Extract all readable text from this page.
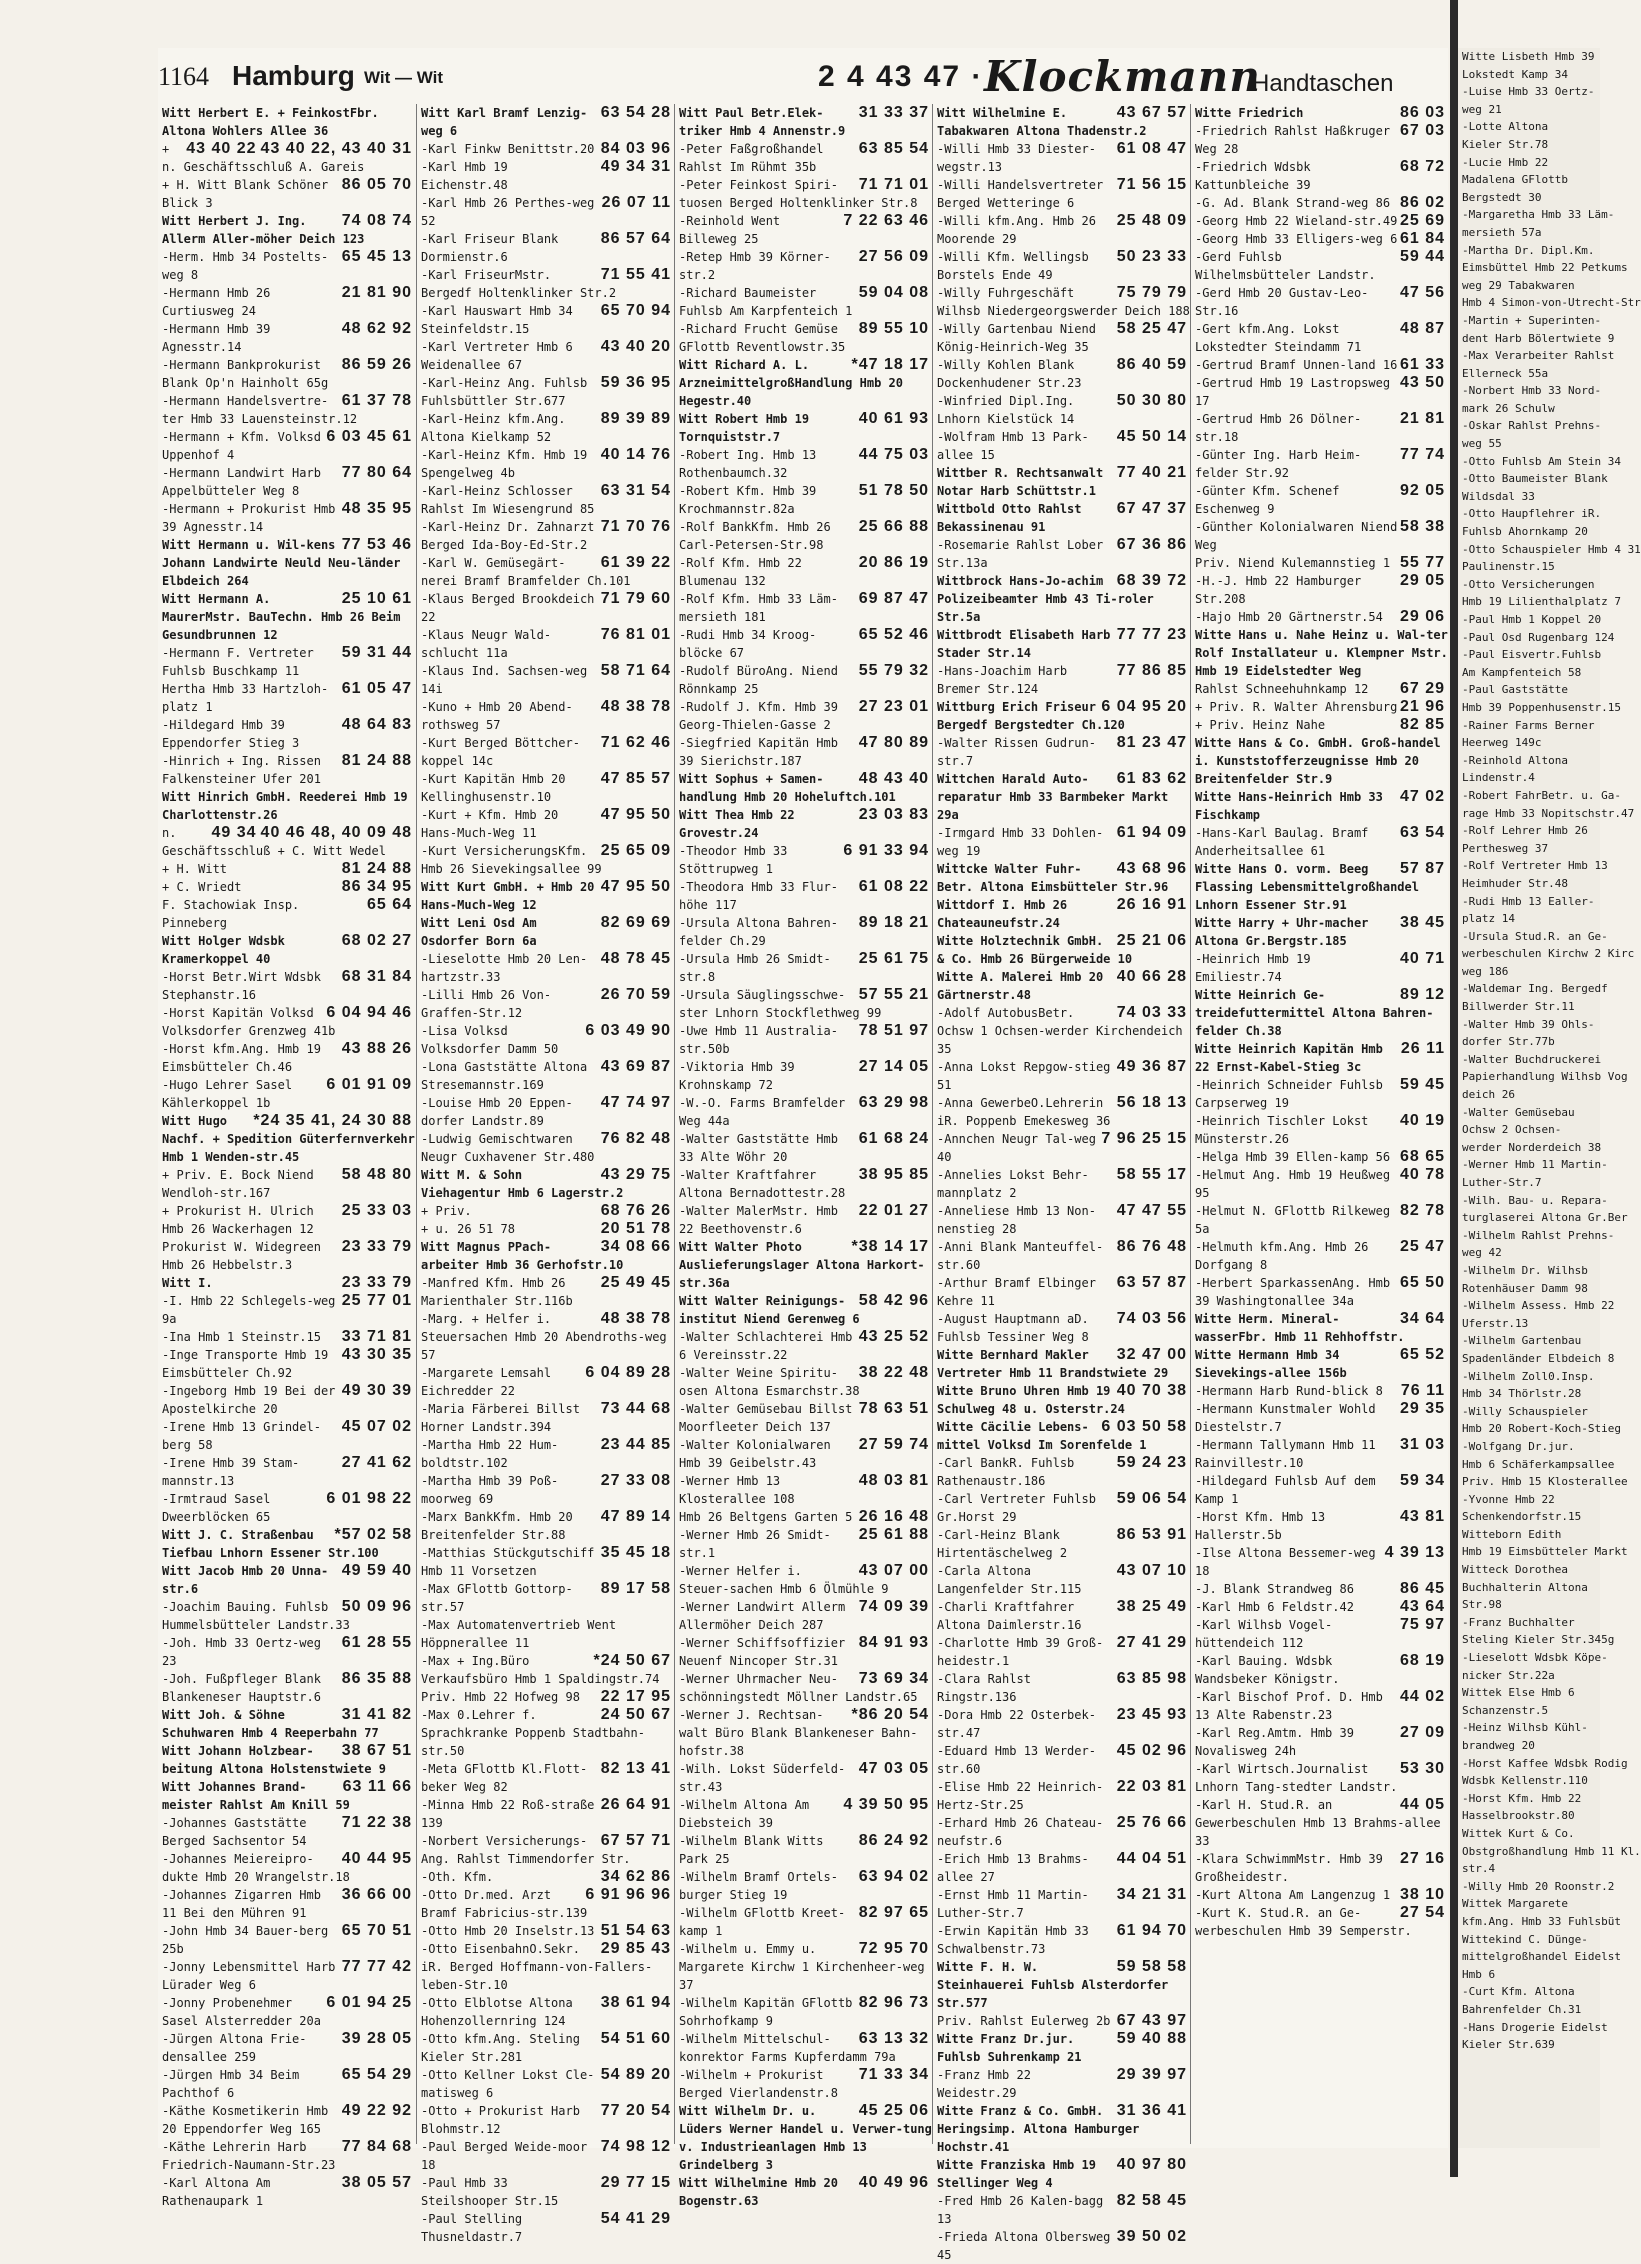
1164 Hamburg Wit — Wit	2 4 43 47 · Klockmann
Handtaschen
Witt Herbert E. + FeinkostFbr. Altona Wohlers Allee 36
43 40 22, 43 40 31
43 40 22
+ n. Geschäftsschluß A. Gareis
86 05 70
+ H. Witt Blank Schöner Blick 3
74 08 74
Witt Herbert J. Ing. Allerm Aller-möher Deich 123
65 45 13
-Herm. Hmb 34 Postelts-weg 8
21 81 90
-Hermann Hmb 26 Curtiusweg 24
48 62 92
-Hermann Hmb 39 Agnesstr.14
86 59 26
-Hermann Bankprokurist Blank Op'n Hainholt 65g
61 37 78
-Hermann Handelsvertre-ter Hmb 33 Lauensteinstr.12
6 03 45 61
-Hermann + Kfm. Volksd Uppenhof 4
77 80 64
-Hermann Landwirt Harb Appelbütteler Weg 8
48 35 95
-Hermann + Prokurist Hmb 39 Agnesstr.14
77 53 46
Witt Hermann u. Wil-kens Johann Landwirte Neuld Neu-länder Elbdeich 264
25 10 61
Witt Hermann A. MaurerMstr. BauTechn. Hmb 26 Beim Gesundbrunnen 12
59 31 44
-Hermann F. Vertreter Fuhlsb Buschkamp 11
61 05 47
Hertha Hmb 33 Hartzloh-platz 1
48 64 83
-Hildegard Hmb 39 Eppendorfer Stieg 3
81 24 88
-Hinrich + Ing. Rissen Falkensteiner Ufer 201
Witt Hinrich GmbH. Reederei Hmb 19 Charlottenstr.26
40 46 48, 40 09 48
49 34
n. Geschäftsschluß + C. Witt Wedel
81 24 88
+ H. Witt
86 34 95
+ C. Wriedt
65 64
F. Stachowiak Insp. Pinneberg
68 02 27
Witt Holger Wdsbk Kramerkoppel 40
68 31 84
-Horst Betr.Wirt Wdsbk Stephanstr.16
6 04 94 46
-Horst Kapitän Volksd Volksdorfer Grenzweg 41b
43 88 26
-Horst kfm.Ang. Hmb 19 Eimsbütteler Ch.46
6 01 91 09
-Hugo Lehrer Sasel Kählerkoppel 1b
*24 35 41, 24 30 88
Witt Hugo Nachf. + Spedition Güterfernverkehr Hmb 1 Wenden-str.45
58 48 80
+ Priv. E. Bock Niend Wendloh-str.167
25 33 03
+ Prokurist H. Ulrich Hmb 26 Wackerhagen 12
23 33 79
Prokurist W. Widegreen Hmb 26 Hebbelstr.3
23 33 79
Witt I.
25 77 01
-I. Hmb 22 Schlegels-weg 9a
33 71 81
-Ina Hmb 1 Steinstr.15
43 30 35
-Inge Transporte Hmb 19 Eimsbütteler Ch.92
49 30 39
-Ingeborg Hmb 19 Bei der Apostelkirche 20
45 07 02
-Irene Hmb 13 Grindel-berg 58
27 41 62
-Irene Hmb 39 Stam-mannstr.13
6 01 98 22
-Irmtraud Sasel Dweerblöcken 65
*57 02 58
Witt J. C. Straßenbau Tiefbau Lnhorn Essener Str.100
49 59 40
Witt Jacob Hmb 20 Unna-str.6
50 09 96
-Joachim Bauing. Fuhlsb Hummelsbütteler Landstr.33
61 28 55
-Joh. Hmb 33 Oertz-weg 23
86 35 88
-Joh. Fußpfleger Blank Blankeneser Hauptstr.6
31 41 82
Witt Joh. & Söhne Schuhwaren Hmb 4 Reeperbahn 77
38 67 51
Witt Johann Holzbear-beitung Altona Holstenstwiete 9
63 11 66
Witt Johannes Brand-meister Rahlst Am Knill 59
71 22 38
-Johannes Gaststätte Berged Sachsentor 54
40 44 95
-Johannes Meiereipro-dukte Hmb 20 Wrangelstr.18
36 66 00
-Johannes Zigarren Hmb 11 Bei den Mühren 91
65 70 51
-John Hmb 34 Bauer-berg 25b
77 77 42
-Jonny Lebensmittel Harb Lürader Weg 6
6 01 94 25
-Jonny Probenehmer Sasel Alsterredder 20a
39 28 05
-Jürgen Altona Frie-densallee 259
65 54 29
-Jürgen Hmb 34 Beim Pachthof 6
49 22 92
-Käthe Kosmetikerin Hmb 20 Eppendorfer Weg 165
77 84 68
-Käthe Lehrerin Harb Friedrich-Naumann-Str.23
38 05 57
-Karl Altona Am Rathenaupark 1
63 54 28
Witt Karl Bramf Lenzig-weg 6
84 03 96
-Karl Finkw Benittstr.20
49 34 31
-Karl Hmb 19 Eichenstr.48
26 07 11
-Karl Hmb 26 Perthes-weg 52
86 57 64
-Karl Friseur Blank Dormienstr.6
71 55 41
-Karl FriseurMstr. Bergedf Holtenklinker Str.2
65 70 94
-Karl Hauswart Hmb 34 Steinfeldstr.15
43 40 20
-Karl Vertreter Hmb 6 Weidenallee 67
59 36 95
-Karl-Heinz Ang. Fuhlsb Fuhlsbüttler Str.677
89 39 89
-Karl-Heinz kfm.Ang. Altona Kielkamp 52
40 14 76
-Karl-Heinz Kfm. Hmb 19 Spengelweg 4b
63 31 54
-Karl-Heinz Schlosser Rahlst Im Wiesengrund 85
71 70 76
-Karl-Heinz Dr. Zahnarzt Berged Ida-Boy-Ed-Str.2
61 39 22
-Karl W. Gemüsegärt-nerei Bramf Bramfelder Ch.101
71 79 60
-Klaus Berged Brookdeich 22
76 81 01
-Klaus Neugr Wald-schlucht 11a
58 71 64
-Klaus Ind. Sachsen-weg 14i
48 38 78
-Kuno + Hmb 20 Abend-rothsweg 57
71 62 46
-Kurt Berged Böttcher-koppel 14c
47 85 57
-Kurt Kapitän Hmb 20 Kellinghusenstr.10
47 95 50
-Kurt + Kfm. Hmb 20 Hans-Much-Weg 11
25 65 09
-Kurt VersicherungsKfm. Hmb 26 Sievekingsallee 99
47 95 50
Witt Kurt GmbH. + Hmb 20 Hans-Much-Weg 12
82 69 69
Witt Leni Osd Am Osdorfer Born 6a
48 78 45
-Lieselotte Hmb 20 Len-hartzstr.33
26 70 59
-Lilli Hmb 26 Von-Graffen-Str.12
6 03 49 90
-Lisa Volksd Volksdorfer Damm 50
43 69 87
-Lona Gaststätte Altona Stresemannstr.169
47 74 97
-Louise Hmb 20 Eppen-dorfer Landstr.89
76 82 48
-Ludwig Gemischtwaren Neugr Cuxhavener Str.480
43 29 75
Witt M. & Sohn Viehagentur Hmb 6 Lagerstr.2
68 76 26
+ Priv.
20 51 78
+ u. 26 51 78
34 08 66
Witt Magnus PPach-arbeiter Hmb 36 Gerhofstr.10
25 49 45
-Manfred Kfm. Hmb 26 Marienthaler Str.116b
48 38 78
-Marg. + Helfer i. Steuersachen Hmb 20 Abendroths-weg 57
6 04 89 28
-Margarete Lemsahl Eichredder 22
73 44 68
-Maria Färberei Billst Horner Landstr.394
23 44 85
-Martha Hmb 22 Hum-boldtstr.102
27 33 08
-Martha Hmb 39 Poß-moorweg 69
47 89 14
-Marx BankKfm. Hmb 20 Breitenfelder Str.88
35 45 18
-Matthias Stückgutschiff Hmb 11 Vorsetzen
89 17 58
-Max GFlottb Gottorp-str.57
-Max Automatenvertrieb Went Höppnerallee 11
*24 50 67
-Max + Ing.Büro Verkaufsbüro Hmb 1 Spaldingstr.74
22 17 95
Priv. Hmb 22 Hofweg 98
24 50 67
-Max 0.Lehrer f. Sprachkranke Poppenb Stadtbahn-str.50
82 13 41
-Meta GFlottb Kl.Flott-beker Weg 82
26 64 91
-Minna Hmb 22 Roß-straße 139
67 57 71
-Norbert Versicherungs-Ang. Rahlst Timmendorfer Str.
34 62 86
-Oth. Kfm.
6 91 96 96
-Otto Dr.med. Arzt Bramf Fabricius-str.139
51 54 63
-Otto Hmb 20 Inselstr.13
29 85 43
-Otto EisenbahnO.Sekr. iR. Berged Hoffmann-von-Fallers-leben-Str.10
38 61 94
-Otto Elblotse Altona Hohenzollernring 124
54 51 60
-Otto kfm.Ang. Steling Kieler Str.281
54 89 20
-Otto Kellner Lokst Cle-matisweg 6
77 20 54
-Otto + Prokurist Harb Blohmstr.12
74 98 12
-Paul Berged Weide-moor 18
29 77 15
-Paul Hmb 33 Steilshooper Str.15
54 41 29
-Paul Stelling Thusneldastr.7
31 33 37
Witt Paul Betr.Elek-triker Hmb 4 Annenstr.9
63 85 54
-Peter Faßgroßhandel Rahlst Im Rühmt 35b
71 71 01
-Peter Feinkost Spiri-tuosen Berged Holtenklinker Str.8
7 22 63 46
-Reinhold Went Billeweg 25
27 56 09
-Retep Hmb 39 Körner-str.2
59 04 08
-Richard Baumeister Fuhlsb Am Karpfenteich 1
89 55 10
-Richard Frucht Gemüse GFlottb Reventlowstr.35
*47 18 17
Witt Richard A. L. ArzneimittelgroßHandlung Hmb 20 Hegestr.40
40 61 93
Witt Robert Hmb 19 Tornquiststr.7
44 75 03
-Robert Ing. Hmb 13 Rothenbaumch.32
51 78 50
-Robert Kfm. Hmb 39 Krochmannstr.82a
25 66 88
-Rolf BankKfm. Hmb 26 Carl-Petersen-Str.98
20 86 19
-Rolf Kfm. Hmb 22 Blumenau 132
69 87 47
-Rolf Kfm. Hmb 33 Läm-mersieth 181
65 52 46
-Rudi Hmb 34 Kroog-blöcke 67
55 79 32
-Rudolf BüroAng. Niend Rönnkamp 25
27 23 01
-Rudolf J. Kfm. Hmb 39 Georg-Thielen-Gasse 2
47 80 89
-Siegfried Kapitän Hmb 39 Sierichstr.187
48 43 40
Witt Sophus + Samen-handlung Hmb 20 Hoheluftch.101
23 03 83
Witt Thea Hmb 22 Grovestr.24
6 91 33 94
-Theodor Hmb 33 Stöttrupweg 1
61 08 22
-Theodora Hmb 33 Flur-höhe 117
89 18 21
-Ursula Altona Bahren-felder Ch.29
25 61 75
-Ursula Hmb 26 Smidt-str.8
57 55 21
-Ursula Säuglingsschwe-ster Lnhorn Stockflethweg 99
78 51 97
-Uwe Hmb 11 Australia-str.50b
27 14 05
-Viktoria Hmb 39 Krohnskamp 72
63 29 98
-W.-O. Farms Bramfelder Weg 44a
61 68 24
-Walter Gaststätte Hmb 33 Alte Wöhr 20
38 95 85
-Walter Kraftfahrer Altona Bernadottestr.28
22 01 27
-Walter MalerMstr. Hmb 22 Beethovenstr.6
*38 14 17
Witt Walter Photo Auslieferungslager Altona Harkort-str.36a
58 42 96
Witt Walter Reinigungs-institut Niend Gerenweg 6
43 25 52
-Walter Schlachterei Hmb 6 Vereinsstr.22
38 22 48
-Walter Weine Spiritu-osen Altona Esmarchstr.38
78 63 51
-Walter Gemüsebau Billst Moorfleeter Deich 137
27 59 74
-Walter Kolonialwaren Hmb 39 Geibelstr.43
48 03 81
-Werner Hmb 13 Klosterallee 108
26 16 48
Hmb 26 Beltgens Garten 5
25 61 88
-Werner Hmb 26 Smidt-str.1
43 07 00
-Werner Helfer i. Steuer-sachen Hmb 6 Ölmühle 9
74 09 39
-Werner Landwirt Allerm Allermöher Deich 287
84 91 93
-Werner Schiffsoffizier Neuenf Nincoper Str.31
73 69 34
-Werner Uhrmacher Neu-schönningstedt Möllner Landstr.65
*86 20 54
-Werner J. Rechtsan-walt Büro Blank Blankeneser Bahn-hofstr.38
47 03 05
-Wilh. Lokst Süderfeld-str.43
4 39 50 95
-Wilhelm Altona Am Diebsteich 39
86 24 92
-Wilhelm Blank Witts Park 25
63 94 02
-Wilhelm Bramf Ortels-burger Stieg 19
82 97 65
-Wilhelm GFlottb Kreet-kamp 1
72 95 70
-Wilhelm u. Emmy u. Margarete Kirchw 1 Kirchenheer-weg 37
82 96 73
-Wilhelm Kapitän GFlottb Sohrhofkamp 9
63 13 32
-Wilhelm Mittelschul-konrektor Farms Kupferdamm 79a
71 33 34
-Wilhelm + Prokurist Berged Vierlandenstr.8
45 25 06
Witt Wilhelm Dr. u. Lüders Werner Handel u. Verwer-tung v. Industrieanlagen Hmb 13 Grindelberg 3
40 49 96
Witt Wilhelmine Hmb 20 Bogenstr.63
43 67 57
Witt Wilhelmine E. Tabakwaren Altona Thadenstr.2
61 08 47
-Willi Hmb 33 Diester-wegstr.13
71 56 15
-Willi Handelsvertreter Berged Wetteringe 6
25 48 09
-Willi kfm.Ang. Hmb 26 Moorende 29
50 23 33
-Willi Kfm. Wellingsb Borstels Ende 49
75 79 79
-Willy Fuhrgeschäft Wilhsb Niedergeorgswerder Deich 188
58 25 47
-Willy Gartenbau Niend König-Heinrich-Weg 35
86 40 59
-Willy Kohlen Blank Dockenhudener Str.23
50 30 80
-Winfried Dipl.Ing. Lnhorn Kielstück 14
45 50 14
-Wolfram Hmb 13 Park-allee 15
77 40 21
Wittber R. Rechtsanwalt Notar Harb Schüttstr.1
67 47 37
Wittbold Otto Rahlst Bekassinenau 91
67 36 86
-Rosemarie Rahlst Lober Str.13a
68 39 72
Wittbrock Hans-Jo-achim Polizeibeamter Hmb 43 Ti-roler Str.5a
77 77 23
Wittbrodt Elisabeth Harb Stader Str.14
77 86 85
-Hans-Joachim Harb Bremer Str.124
6 04 95 20
Wittburg Erich Friseur Bergedf Bergstedter Ch.120
81 23 47
-Walter Rissen Gudrun-str.7
61 83 62
Wittchen Harald Auto-reparatur Hmb 33 Barmbeker Markt 29a
61 94 09
-Irmgard Hmb 33 Dohlen-weg 19
43 68 96
Wittcke Walter Fuhr-Betr. Altona Eimsbütteler Str.96
26 16 91
Wittdorf I. Hmb 26 Chateauneufstr.24
25 21 06
Witte Holztechnik GmbH. & Co. Hmb 26 Bürgerweide 10
40 66 28
Witte A. Malerei Hmb 20 Gärtnerstr.48
74 03 33
-Adolf AutobusBetr. Ochsw 1 Ochsen-werder Kirchendeich 35
49 36 87
-Anna Lokst Repgow-stieg 51
56 18 13
-Anna GewerbeO.Lehrerin iR. Poppenb Emekesweg 36
7 96 25 15
-Annchen Neugr Tal-weg 40
58 55 17
-Annelies Lokst Behr-mannplatz 2
47 47 55
-Anneliese Hmb 13 Non-nenstieg 28
86 76 48
-Anni Blank Manteuffel-str.60
63 57 87
-Arthur Bramf Elbinger Kehre 11
74 03 56
-August Hauptmann aD. Fuhlsb Tessiner Weg 8
32 47 00
Witte Bernhard Makler Vertreter Hmb 11 Brandstwiete 29
40 70 38
Witte Bruno Uhren Hmb 19 Schulweg 48 u. Osterstr.24
6 03 50 58
Witte Cäcilie Lebens-mittel Volksd Im Sorenfelde 1
59 24 23
-Carl BankR. Fuhlsb Rathenaustr.186
59 06 54
-Carl Vertreter Fuhlsb Gr.Horst 29
86 53 91
-Carl-Heinz Blank Hirtentäschelweg 2
43 07 10
-Carla Altona Langenfelder Str.115
38 25 49
-Charli Kraftfahrer Altona Daimlerstr.16
27 41 29
-Charlotte Hmb 39 Groß-heidestr.1
63 85 98
-Clara Rahlst Ringstr.136
23 45 93
-Dora Hmb 22 Osterbek-str.47
45 02 96
-Eduard Hmb 13 Werder-str.60
22 03 81
-Elise Hmb 22 Heinrich-Hertz-Str.25
25 76 66
-Erhard Hmb 26 Chateau-neufstr.6
44 04 51
-Erich Hmb 13 Brahms-allee 27
34 21 31
-Ernst Hmb 11 Martin-Luther-Str.7
61 94 70
-Erwin Kapitän Hmb 33 Schwalbenstr.73
59 58 58
Witte F. H. W. Steinhauerei Fuhlsb Alsterdorfer Str.577
67 43 97
Priv. Rahlst Eulerweg 2b
59 40 88
Witte Franz Dr.jur. Fuhlsb Suhrenkamp 21
29 39 97
-Franz Hmb 22 Weidestr.29
31 36 41
Witte Franz & Co. GmbH. Heringsimp. Altona Hamburger Hochstr.41
40 97 80
Witte Franziska Hmb 19 Stellinger Weg 4
82 58 45
-Fred Hmb 26 Kalen-bagg 13
39 50 02
-Frieda Altona Olbersweg 45
86 03
Witte Friedrich
67 03
-Friedrich Rahlst Haßkruger Weg 28
68 72
-Friedrich Wdsbk Kattunbleiche 39
86 02
-G. Ad. Blank Strand-weg 86
25 69
-Georg Hmb 22 Wieland-str.49
61 84
-Georg Hmb 33 Elligers-weg 6
59 44
-Gerd Fuhlsb Wilhelmsbütteler Landstr.
47 56
-Gerd Hmb 20 Gustav-Leo-Str.16
48 87
-Gert kfm.Ang. Lokst Lokstedter Steindamm 71
61 33
-Gertrud Bramf Unnen-land 16
43 50
-Gertrud Hmb 19 Lastropsweg 17
21 81
-Gertrud Hmb 26 Dölner-str.18
77 74
-Günter Ing. Harb Heim-felder Str.92
92 05
-Günter Kfm. Schenef Eschenweg 9
58 38
-Günther Kolonialwaren Niend Weg
55 77
Priv. Niend Kulemannstieg 1
29 05
-H.-J. Hmb 22 Hamburger Str.208
29 06
-Hajo Hmb 20 Gärtnerstr.54
Witte Hans u. Nahe Heinz u. Wal-ter Rolf Installateur u. Klempner Mstr. Hmb 19 Eidelstedter Weg
67 29
Rahlst Schneehuhnkamp 12
21 96
+ Priv. R. Walter Ahrensburg
82 85
+ Priv. Heinz Nahe
Witte Hans & Co. GmbH. Groß-handel i. Kunststofferzeugnisse Hmb 20 Breitenfelder Str.9
47 02
Witte Hans-Heinrich Hmb 33 Fischkamp
63 54
-Hans-Karl Baulag. Bramf Anderheitsallee 61
57 87
Witte Hans O. vorm. Beeg Flassing Lebensmittelgroßhandel Lnhorn Essener Str.91
38 45
Witte Harry + Uhr-macher Altona Gr.Bergstr.185
40 71
-Heinrich Hmb 19 Emiliestr.74
89 12
Witte Heinrich Ge-treidefuttermittel Altona Bahren-felder Ch.38
26 11
Witte Heinrich Kapitän Hmb 22 Ernst-Kabel-Stieg 3c
59 45
-Heinrich Schneider Fuhlsb Carpserweg 19
40 19
-Heinrich Tischler Lokst Münsterstr.26
68 65
-Helga Hmb 39 Ellen-kamp 56
40 78
-Helmut Ang. Hmb 19 Heußweg 95
82 78
-Helmut N. GFlottb Rilkeweg 5a
25 47
-Helmuth kfm.Ang. Hmb 26 Dorfgang 8
65 50
-Herbert SparkassenAng. Hmb 39 Washingtonallee 34a
34 64
Witte Herm. Mineral-wasserFbr. Hmb 11 Rehhoffstr.
65 52
Witte Hermann Hmb 34 Sievekings-allee 156b
76 11
-Hermann Harb Rund-blick 8
29 35
-Hermann Kunstmaler Wohld Diestelstr.7
31 03
-Hermann Tallymann Hmb 11 Rainvillestr.10
59 34
-Hildegard Fuhlsb Auf dem Kamp 1
43 81
-Horst Kfm. Hmb 13 Hallerstr.5b
4 39 13
-Ilse Altona Bessemer-weg 18
86 45
-J. Blank Strandweg 86
43 64
-Karl Hmb 6 Feldstr.42
75 97
-Karl Wilhsb Vogel-hüttendeich 112
68 19
-Karl Bauing. Wdsbk Wandsbeker Königstr.
44 02
-Karl Bischof Prof. D. Hmb 13 Alte Rabenstr.23
27 09
-Karl Reg.Amtm. Hmb 39 Novalisweg 24h
53 30
-Karl Wirtsch.Journalist Lnhorn Tang-stedter Landstr.
44 05
-Karl H. Stud.R. an Gewerbeschulen Hmb 13 Brahms-allee 33
27 16
-Klara SchwimmMstr. Hmb 39 Großheidestr.
38 10
-Kurt Altona Am Langenzug 1
27 54
-Kurt K. Stud.R. an Ge-werbeschulen Hmb 39 Semperstr.
Witte Lisbeth Hmb 39
Lokstedt Kamp 34
-Luise Hmb 33 Oertz-
weg 21
-Lotte Altona
Kieler Str.78
-Lucie Hmb 22
Madalena GFlottb
Bergstedt 30
-Margaretha Hmb 33 Läm-
mersieth 57a
-Martha Dr. Dipl.Km.
Eimsbüttel Hmb 22 Petkums
weg 29 Tabakwaren
Hmb 4 Simon-von-Utrecht-Str
-Martin + Superinten-
dent Harb Bölertwiete 9
-Max Verarbeiter Rahlst
Ellerneck 55a
-Norbert Hmb 33 Nord-
mark 26 Schulw
-Oskar Rahlst Prehns-
weg 55
-Otto Fuhlsb Am Stein 34
-Otto Baumeister Blank
Wildsdal 33
-Otto Haupflehrer iR.
Fuhlsb Ahornkamp 20
-Otto Schauspieler Hmb 4 31
Paulinenstr.15
-Otto Versicherungen
Hmb 19 Lilienthalplatz 7
-Paul Hmb 1 Koppel 20
-Paul Osd Rugenbarg 124
-Paul Eisvertr.Fuhlsb
Am Kampfenteich 58
-Paul Gaststätte
Hmb 39 Poppenhusenstr.15
-Rainer Farms Berner
Heerweg 149c
-Reinhold Altona
Lindenstr.4
-Robert FahrBetr. u. Ga-
rage Hmb 33 Nopitschstr.47
-Rolf Lehrer Hmb 26
Perthesweg 37
-Rolf Vertreter Hmb 13
Heimhuder Str.48
-Rudi Hmb 13 Ealler-
platz 14
-Ursula Stud.R. an Ge-
werbeschulen Kirchw 2 Kirc
weg 186
-Waldemar Ing. Bergedf
Billwerder Str.11
-Walter Hmb 39 Ohls-
dorfer Str.77b
-Walter Buchdruckerei
Papierhandlung Wilhsb Vog
deich 26
-Walter Gemüsebau
Ochsw 2 Ochsen-
werder Norderdeich 38
-Werner Hmb 11 Martin-
Luther-Str.7
-Wilh. Bau- u. Repara-
turglaserei Altona Gr.Ber
-Wilhelm Rahlst Prehns-
weg 42
-Wilhelm Dr. Wilhsb
Rotenhäuser Damm 98
-Wilhelm Assess. Hmb 22
Uferstr.13
-Wilhelm Gartenbau
Spadenländer Elbdeich 8
-Wilhelm Zoll0.Insp.
Hmb 34 Thörlstr.28
-Willy Schauspieler
Hmb 20 Robert-Koch-Stieg
-Wolfgang Dr.jur.
Hmb 6 Schäferkampsallee
Priv. Hmb 15 Klosterallee
-Yvonne Hmb 22
Schenkendorfstr.15
Witteborn Edith
Hmb 19 Eimsbütteler Markt
Witteck Dorothea
Buchhalterin Altona
Str.98
-Franz Buchhalter
Steling Kieler Str.345g
-Lieselott Wdsbk Köpe-
nicker Str.22a
Wittek Else Hmb 6
Schanzenstr.5
-Heinz Wilhsb Kühl-
brandweg 20
-Horst Kaffee Wdsbk Rodig
Wdsbk Kellenstr.110
-Horst Kfm. Hmb 22
Hasselbrookstr.80
Wittek Kurt & Co.
Obstgroßhandlung Hmb 11 Kl.
str.4
-Willy Hmb 20 Roonstr.2
Wittek Margarete
kfm.Ang. Hmb 33 Fuhlsbüt
Wittekind C. Dünge-
mittelgroßhandel Eidelst
Hmb 6
-Curt Kfm. Altona
Bahrenfelder Ch.31
-Hans Drogerie Eidelst
Kieler Str.639
